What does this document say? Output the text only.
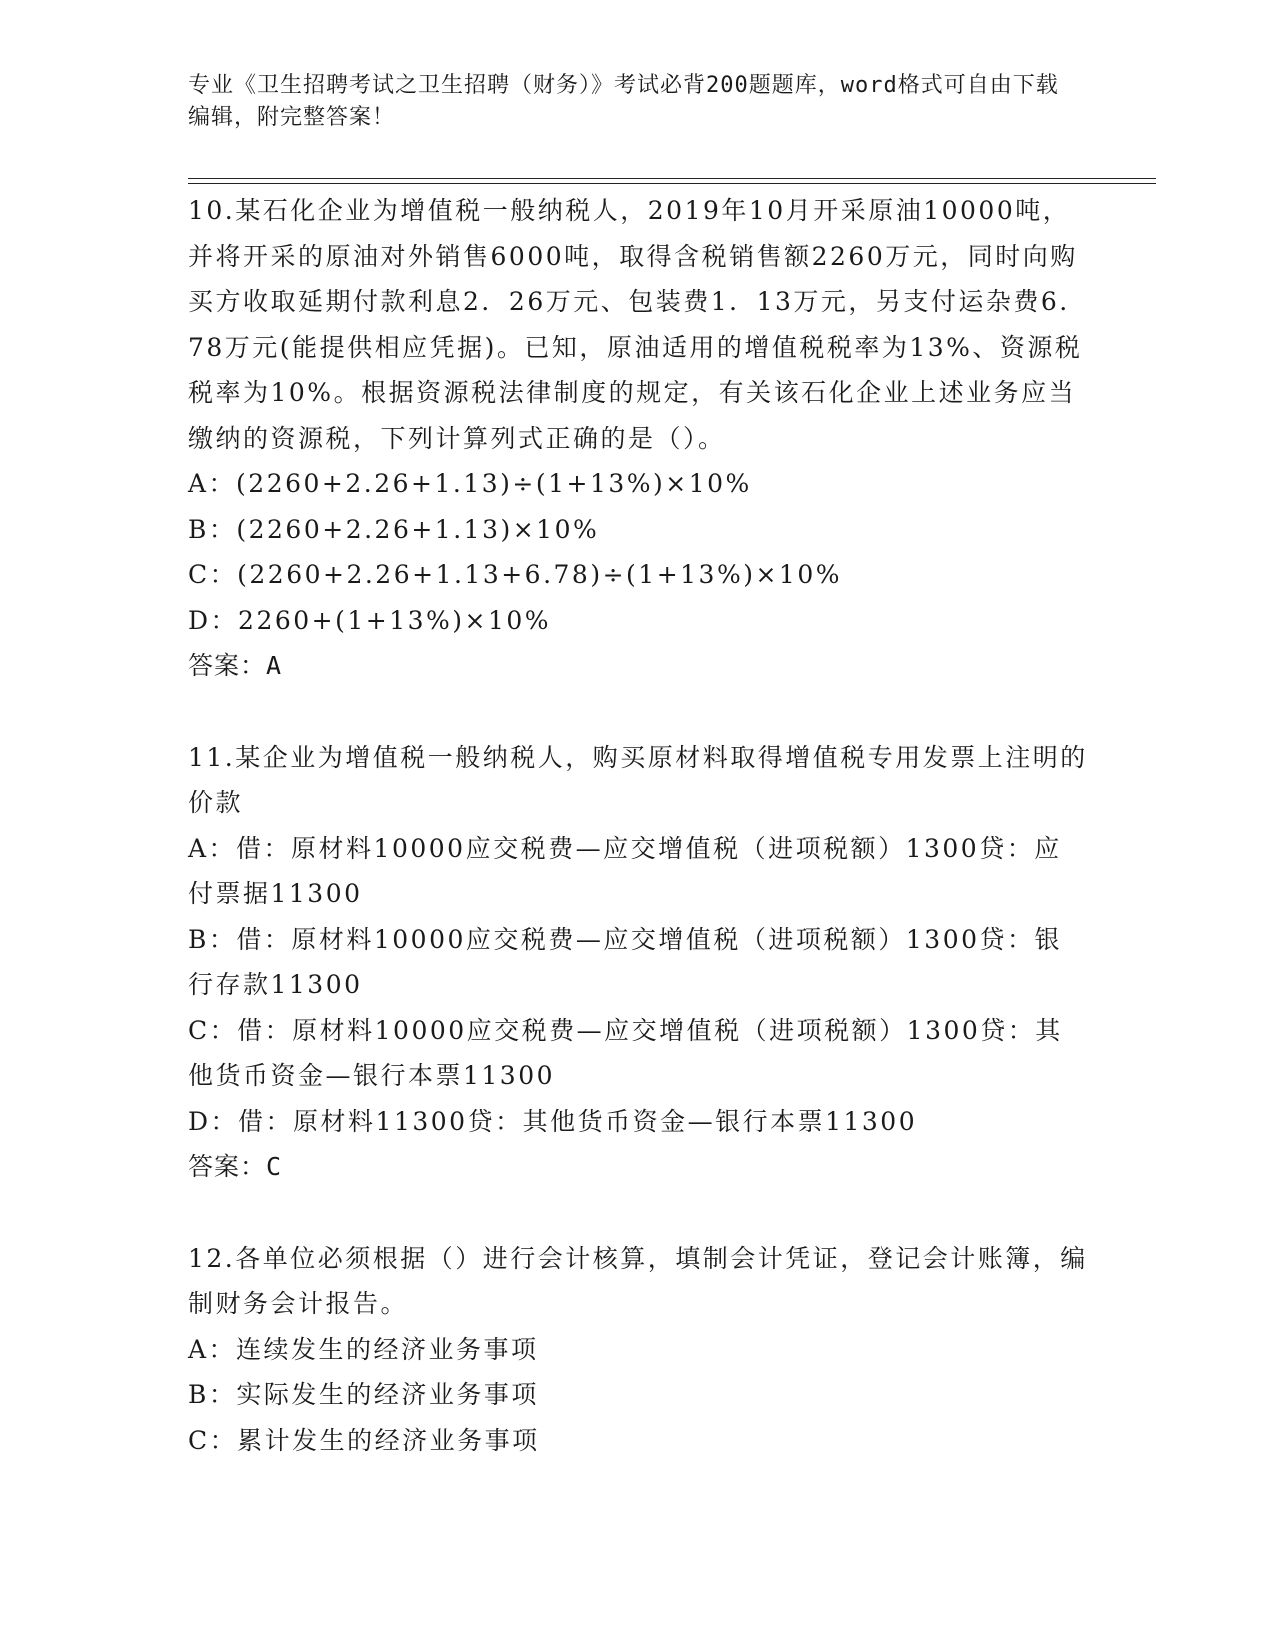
专业《卫生招聘考试之卫生招聘（财务）》考试必背200题题库，word格式可自由下载编辑，附完整答案！

10.某石化企业为增值税一般纳税人，2019年10月开采原油10000吨，并将开采的原油对外销售6000吨，取得含税销售额2260万元，同时向购买方收取延期付款利息2．26万元、包装费1．13万元，另支付运杂费6．78万元(能提供相应凭据)。已知，原油适用的增值税税率为13%、资源税税率为10%。根据资源税法律制度的规定，有关该石化企业上述业务应当缴纳的资源税，下列计算列式正确的是（）。

A：(2260+2.26+1.13)÷(1+13%)×10%

B：(2260+2.26+1.13)×10%

C：(2260+2.26+1.13+6.78)÷(1+13%)×10%

D：2260+(1+13%)×10%

答案：A

11.某企业为增值税一般纳税人，购买原材料取得增值税专用发票上注明的价款

A：借：原材料10000应交税费—应交增值税（进项税额）1300贷：应付票据11300

B：借：原材料10000应交税费—应交增值税（进项税额）1300贷：银行存款11300

C：借：原材料10000应交税费—应交增值税（进项税额）1300贷：其他货币资金—银行本票11300

D：借：原材料11300贷：其他货币资金—银行本票11300

答案：C

12.各单位必须根据（）进行会计核算，填制会计凭证，登记会计账簿，编制财务会计报告。

A：连续发生的经济业务事项

B：实际发生的经济业务事项

C：累计发生的经济业务事项
